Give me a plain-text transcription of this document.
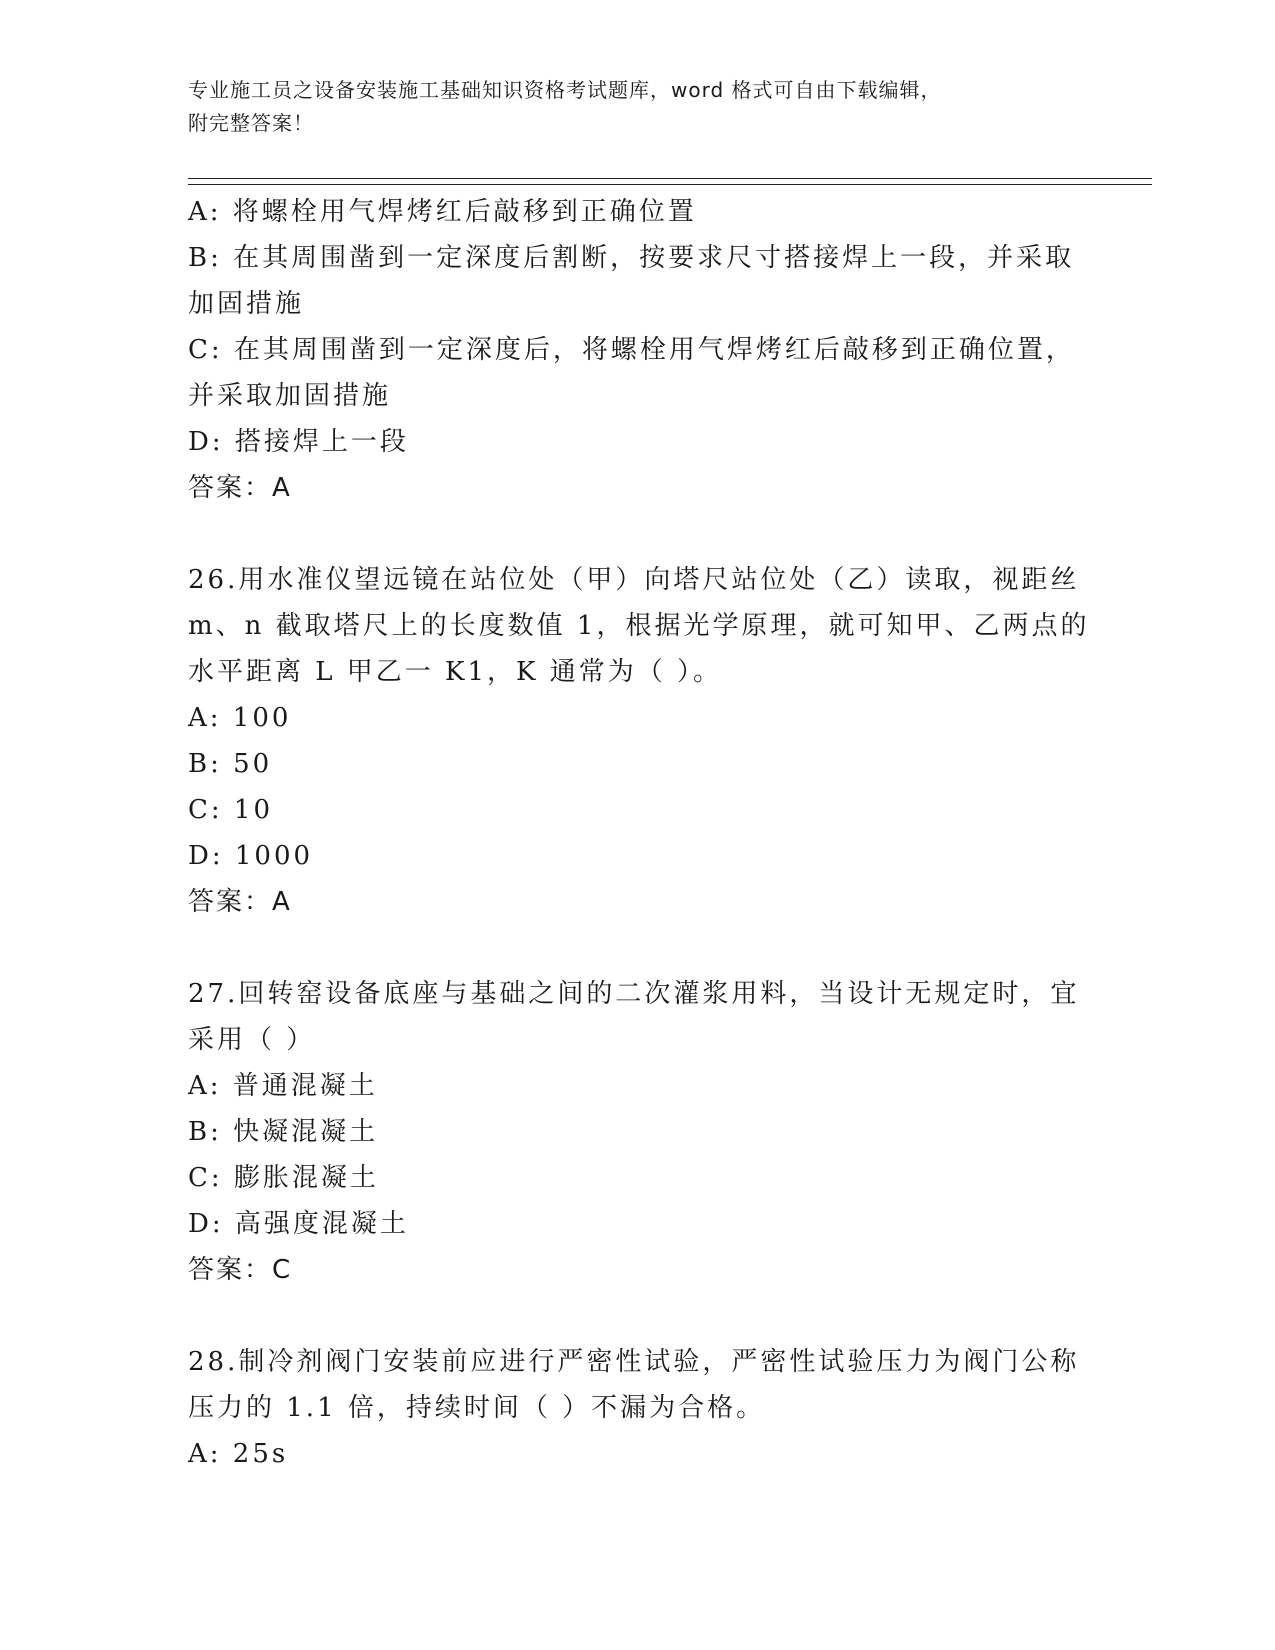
专业施工员之设备安装施工基础知识资格考试题库，word 格式可自由下载编辑，
附完整答案！

A: 将螺栓用气焊烤红后敲移到正确位置

B: 在其周围凿到一定深度后割断，按要求尺寸搭接焊上一段，并采取

加固措施

C: 在其周围凿到一定深度后，将螺栓用气焊烤红后敲移到正确位置，

并采取加固措施

D: 搭接焊上一段

答案：A

26.用水准仪望远镜在站位处（甲）向塔尺站位处（乙）读取，视距丝

m、n 截取塔尺上的长度数值 1，根据光学原理，就可知甲、乙两点的

水平距离 L 甲乙一 K1，K 通常为（ ）。

A: 100

B: 50

C: 10

D: 1000

答案：A

27.回转窑设备底座与基础之间的二次灌浆用料，当设计无规定时，宜

采用（ ）

A: 普通混凝土

B: 快凝混凝土

C: 膨胀混凝土

D: 高强度混凝土

答案：C

28.制冷剂阀门安装前应进行严密性试验，严密性试验压力为阀门公称

压力的 1.1 倍，持续时间（ ）不漏为合格。

A: 25s
